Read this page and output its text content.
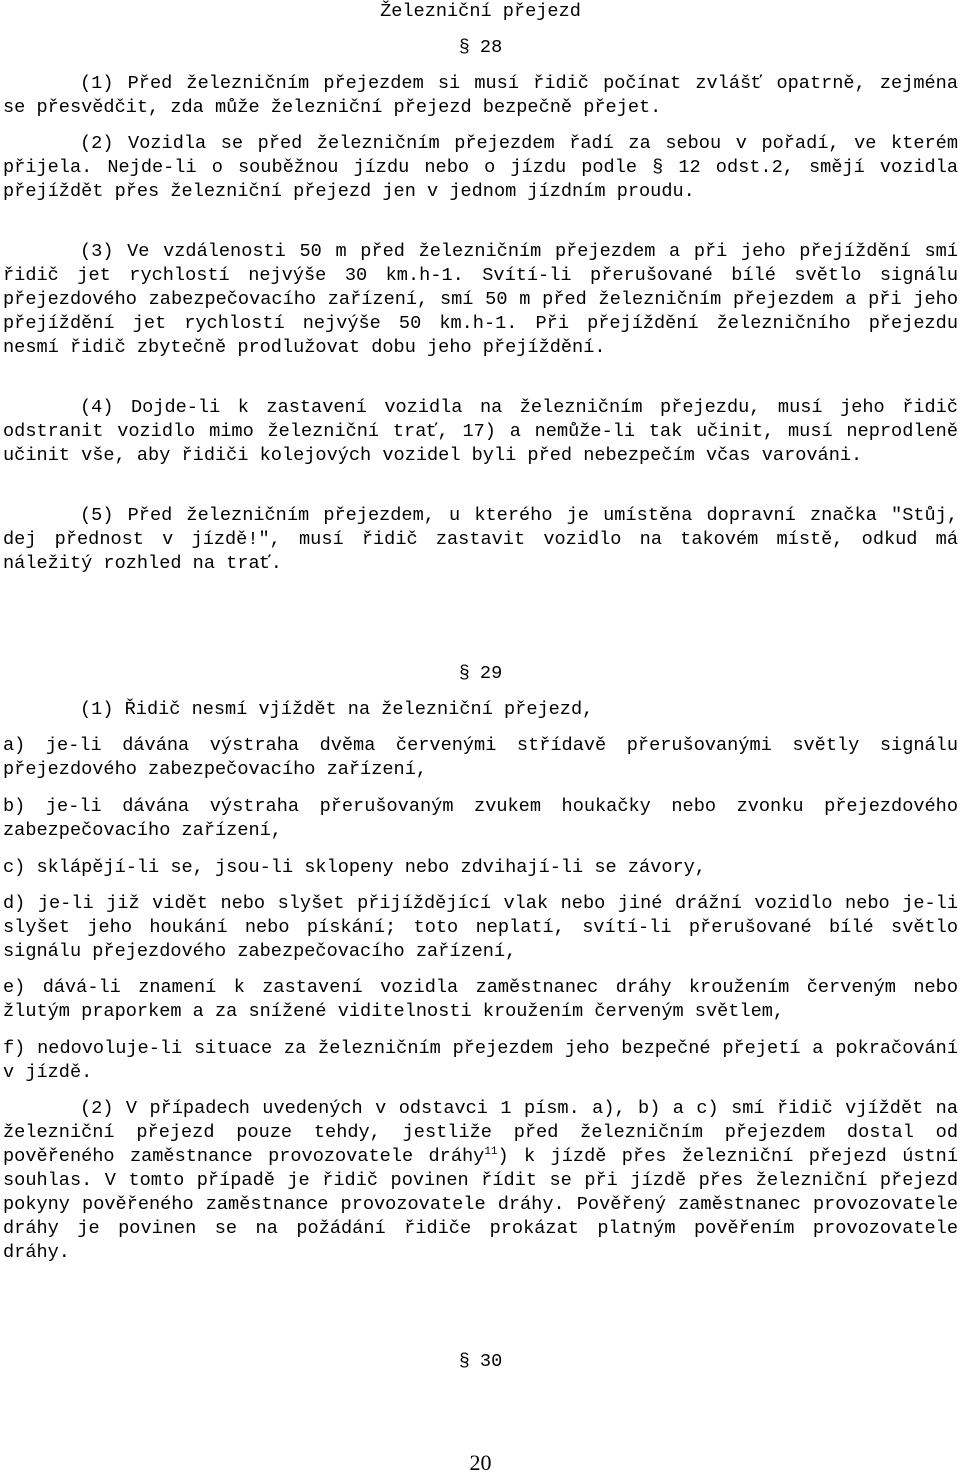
Železniční přejezd
§ 28

(1) Před železničním přejezdem si musí řidič počínat zvlášť opatrně, zejména se přesvědčit, zda může železniční přejezd bezpečně přejet.

(2) Vozidla se před železničním přejezdem řadí za sebou v pořadí, ve kterém přijela. Nejde-li o souběžnou jízdu nebo o jízdu podle § 12 odst.2, smějí vozidla přejíždět přes železniční přejezd jen v jednom jízdním proudu.

(3) Ve vzdálenosti 50 m před železničním přejezdem a při jeho přejíždění smí řidič jet rychlostí nejvýše 30 km.h-1. Svítí-li přerušované bílé světlo signálu přejezdového zabezpečovacího zařízení, smí 50 m před železničním přejezdem a při jeho přejíždění jet rychlostí nejvýše 50 km.h-1. Při přejíždění železničního přejezdu nesmí řidič zbytečně prodlužovat dobu jeho přejíždění.

(4) Dojde-li k zastavení vozidla na železničním přejezdu, musí jeho řidič odstranit vozidlo mimo železniční trať, 17) a nemůže-li tak učinit, musí neprodleně učinit vše, aby řidiči kolejových vozidel byli před nebezpečím včas varováni.

(5) Před železničním přejezdem, u kterého je umístěna dopravní značka "Stůj, dej přednost v jízdě!", musí řidič zastavit vozidlo na takovém místě, odkud má náležitý rozhled na trať.

§ 29

(1) Řidič nesmí vjíždět na železniční přejezd,

a) je-li dávána výstraha dvěma červenými střídavě přerušovanými světly signálu přejezdového zabezpečovacího zařízení,

b) je-li dávána výstraha přerušovaným zvukem houkačky nebo zvonku přejezdového zabezpečovacího zařízení,

c) sklápějí-li se, jsou-li sklopeny nebo zdvihají-li se závory,

d) je-li již vidět nebo slyšet přijíždějící vlak nebo jiné drážní vozidlo nebo je-li slyšet jeho houkání nebo pískání; toto neplatí, svítí-li přerušované bílé světlo signálu přejezdového zabezpečovacího zařízení,

e) dává-li znamení k zastavení vozidla zaměstnanec dráhy kroužením červeným nebo žlutým praporkem a za snížené viditelnosti kroužením červeným světlem,

f) nedovoluje-li situace za železničním přejezdem jeho bezpečné přejetí a pokračování v jízdě.

(2) V případech uvedených v odstavci 1 písm. a), b) a c) smí řidič vjíždět na železniční přejezd pouze tehdy, jestliže před železničním přejezdem dostal od pověřeného zaměstnance provozovatele dráhy$^{11}$) k jízdě přes železniční přejezd ústní souhlas. V tomto případě je řidič povinen řídit se při jízdě přes železniční přejezd pokyny pověřeného zaměstnance provozovatele dráhy. Pověřený zaměstnanec provozovatele dráhy je povinen se na požádání řidiče prokázat platným pověřením provozovatele dráhy.

§ 30
20
